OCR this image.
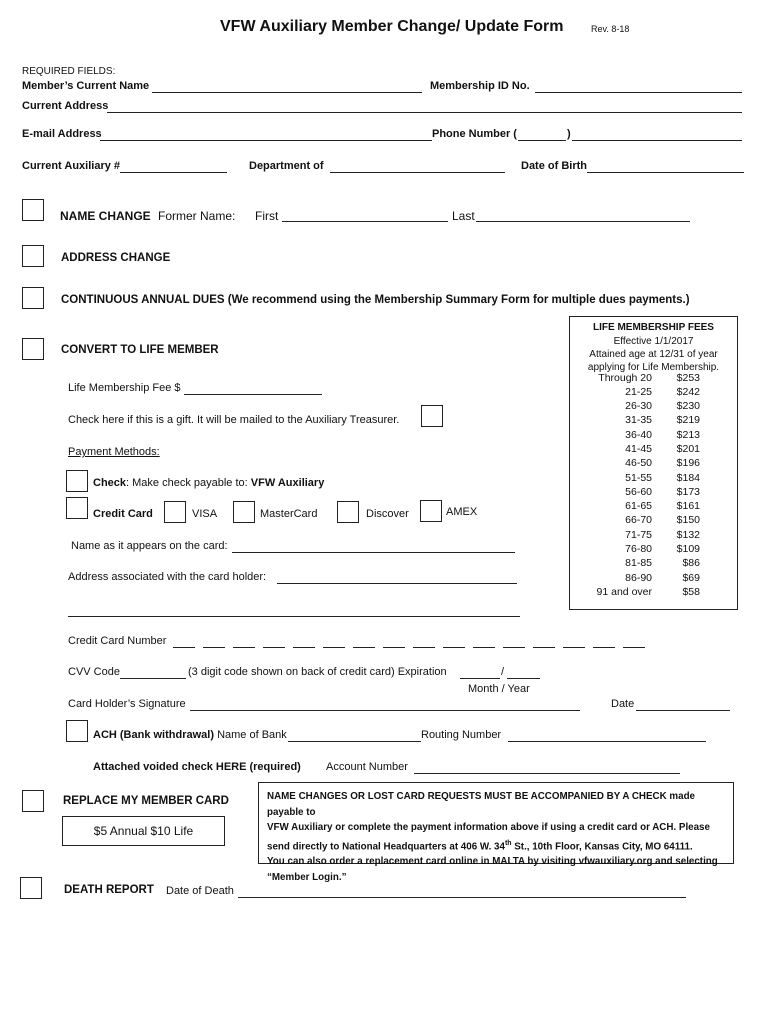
VFW Auxiliary Member Change/ Update Form	Rev. 8-18
REQUIRED FIELDS:
Member’s Current Name	Membership ID No.
Current Address
E-mail Address	Phone Number (	)
Current Auxiliary #	Department of	Date of Birth
NAME CHANGE Former Name: First	Last
ADDRESS CHANGE
CONTINUOUS ANNUAL DUES (We recommend using the Membership Summary Form for multiple dues payments.)
CONVERT TO LIFE MEMBER
Life Membership Fee $
Check here if this is a gift. It will be mailed to the Auxiliary Treasurer.
Payment Methods:
Check: Make check payable to: VFW Auxiliary
Credit Card	VISA	MasterCard	Discover	AMEX
Name as it appears on the card:
Address associated with the card holder:
Credit Card Number
CVV Code	(3 digit code shown on back of credit card) Expiration	/
Month / Year
Card Holder’s Signature	Date
ACH (Bank withdrawal) Name of Bank	Routing Number
Attached voided check HERE (required) Account Number
LIFE MEMBERSHIP FEES
Effective 1/1/2017
Attained age at 12/31 of year
applying for Life Membership.
Through 20	$253
21-25	$242
26-30	$230
31-35	$219
36-40	$213
41-45	$201
46-50	$196
51-55	$184
56-60	$173
61-65	$161
66-70	$150
71-75	$132
76-80	$109
81-85	$86
86-90	$69
91 and over	$58
REPLACE MY MEMBER CARD
$5 Annual $10 Life
NAME CHANGES OR LOST CARD REQUESTS MUST BE ACCOMPANIED BY A CHECK made payable to
VFW Auxiliary or complete the payment information above if using a credit card or ACH. Please
send directly to National Headquarters at 406 W. 34th St., 10th Floor, Kansas City, MO 64111.
You can also order a replacement card online in MALTA by visiting vfwauxiliary.org and selecting
“Member Login.”
DEATH REPORT Date of Death
